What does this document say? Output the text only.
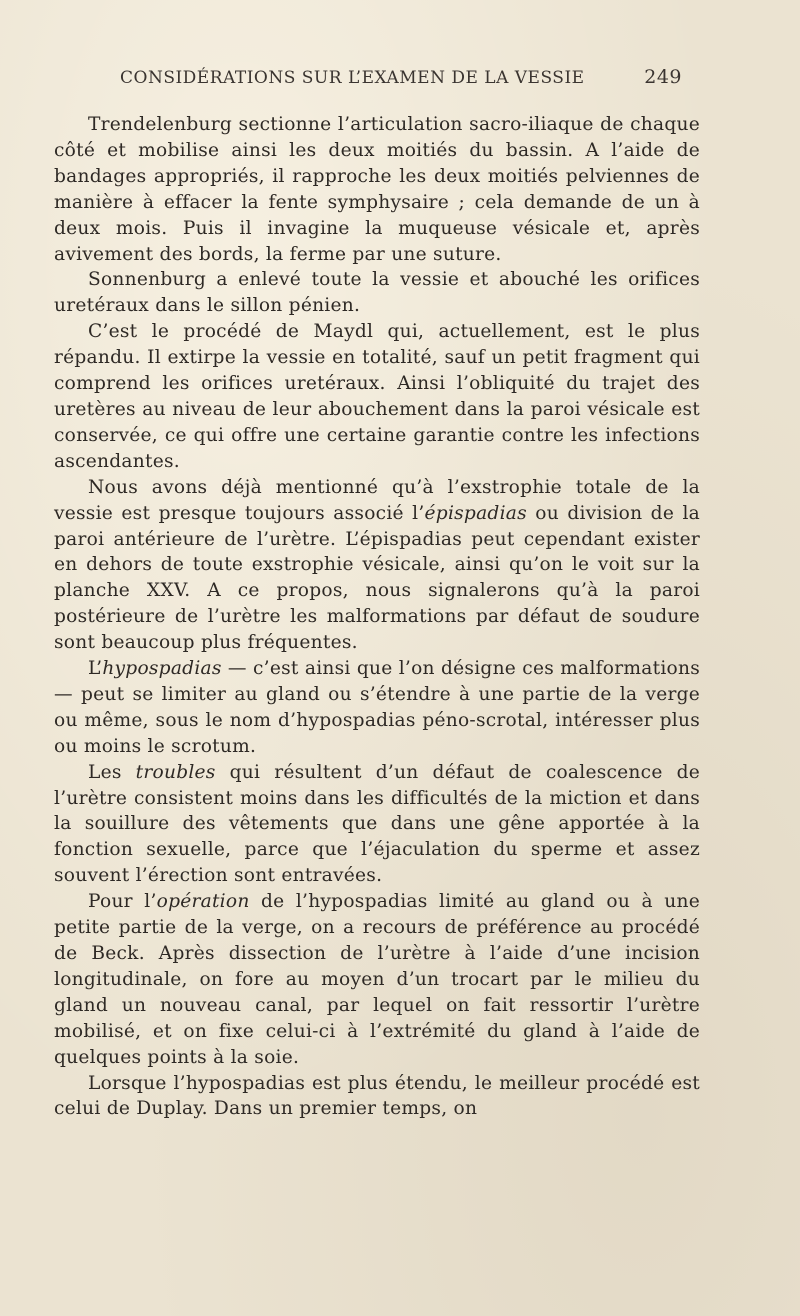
CONSIDÉRATIONS SUR L’EXAMEN DE LA VESSIE	249

Trendelenburg sectionne l’articulation sacro-iliaque de chaque côté et mobilise ainsi les deux moitiés du bassin. A l’aide de bandages appropriés, il rapproche les deux moitiés pelviennes de manière à effacer la fente symphysaire ; cela demande de un à deux mois. Puis il invagine la muqueuse vésicale et, après avivement des bords, la ferme par une suture.

Sonnenburg a enlevé toute la vessie et abouché les orifices uretéraux dans le sillon pénien.

C’est le procédé de Maydl qui, actuellement, est le plus répandu. Il extirpe la vessie en totalité, sauf un petit fragment qui comprend les orifices uretéraux. Ainsi l’obliquité du trajet des uretères au niveau de leur abouchement dans la paroi vésicale est conservée, ce qui offre une certaine garantie contre les infections ascendantes.

Nous avons déjà mentionné qu’à l’exstrophie totale de la vessie est presque toujours associé l’épispadias ou division de la paroi antérieure de l’urètre. L’épispadias peut cependant exister en dehors de toute exstrophie vésicale, ainsi qu’on le voit sur la planche XXV. A ce propos, nous signalerons qu’à la paroi postérieure de l’urètre les malformations par défaut de soudure sont beaucoup plus fréquentes.

L’hypospadias — c’est ainsi que l’on désigne ces malformations — peut se limiter au gland ou s’étendre à une partie de la verge ou même, sous le nom d’hypospadias péno-scrotal, intéresser plus ou moins le scrotum.

Les troubles qui résultent d’un défaut de coalescence de l’urètre consistent moins dans les difficultés de la miction et dans la souillure des vêtements que dans une gêne apportée à la fonction sexuelle, parce que l’éjaculation du sperme et assez souvent l’érection sont entravées.

Pour l’opération de l’hypospadias limité au gland ou à une petite partie de la verge, on a recours de préférence au procédé de Beck. Après dissection de l’urètre à l’aide d’une incision longitudinale, on fore au moyen d’un trocart par le milieu du gland un nouveau canal, par lequel on fait ressortir l’urètre mobilisé, et on fixe celui-ci à l’extrémité du gland à l’aide de quelques points à la soie.

Lorsque l’hypospadias est plus étendu, le meilleur procédé est celui de Duplay. Dans un premier temps, on
